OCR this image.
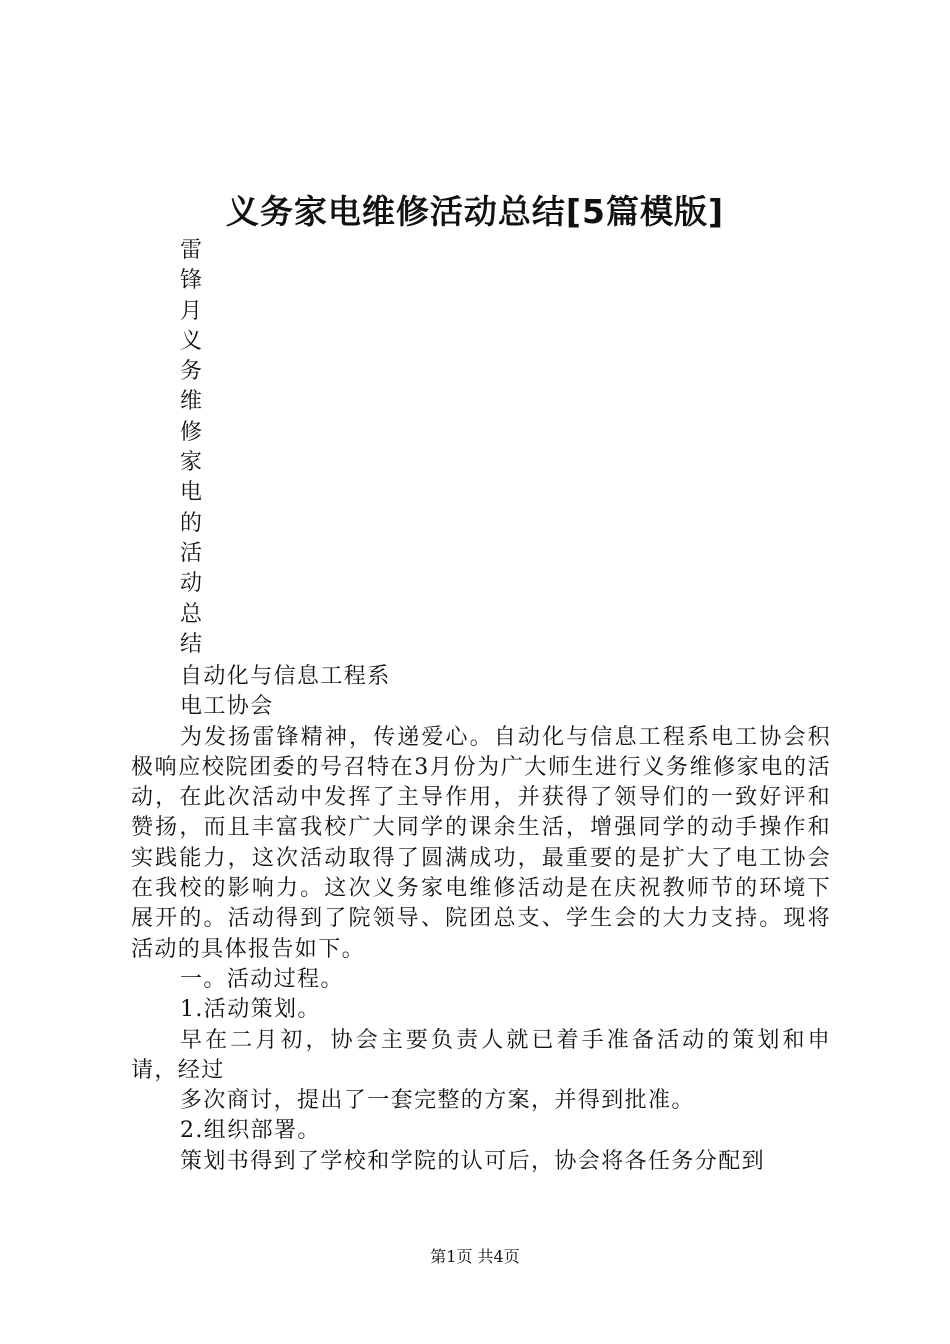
义务家电维修活动总结[5篇模版]
雷
锋
月
义
务
维
修
家
电
的
活
动
总
结

自动化与信息工程系

电工协会

为发扬雷锋精神，传递爱心。自动化与信息工程系电工协会积极响应校院团委的号召特在3月份为广大师生进行义务维修家电的活动，在此次活动中发挥了主导作用，并获得了领导们的一致好评和赞扬，而且丰富我校广大同学的课余生活，增强同学的动手操作和实践能力，这次活动取得了圆满成功，最重要的是扩大了电工协会在我校的影响力。这次义务家电维修活动是在庆祝教师节的环境下展开的。活动得到了院领导、院团总支、学生会的大力支持。现将活动的具体报告如下。

一。活动过程。

1.活动策划。

早在二月初，协会主要负责人就已着手准备活动的策划和申请，经过

多次商讨，提出了一套完整的方案，并得到批准。

2.组织部署。

策划书得到了学校和学院的认可后，协会将各任务分配到

第1页 共4页
